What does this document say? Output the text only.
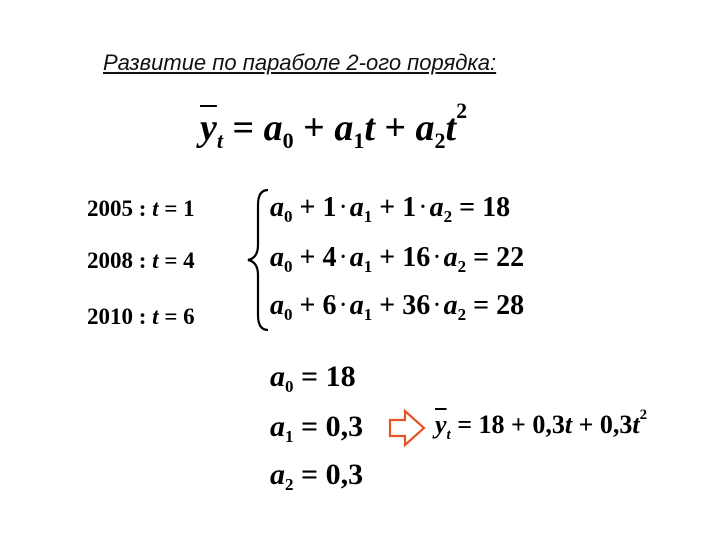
Развитие по параболе 2-ого порядка:
$\overline{y}_t = a_0 + a_1t + a_2t^2$
2005 : t = 1
2008 : t = 4
2010 : t = 6
$a_0 + 1\cdot a_1 + 1\cdot a_2 = 18$
$a_0 + 4\cdot a_1 + 16\cdot a_2 = 22$
$a_0 + 6\cdot a_1 + 36\cdot a_2 = 28$
$a_0 = 18$
$a_1 = 0,3$
$a_2 = 0,3$
$\overline{y}_t = 18 + 0,3t + 0,3t^2$
